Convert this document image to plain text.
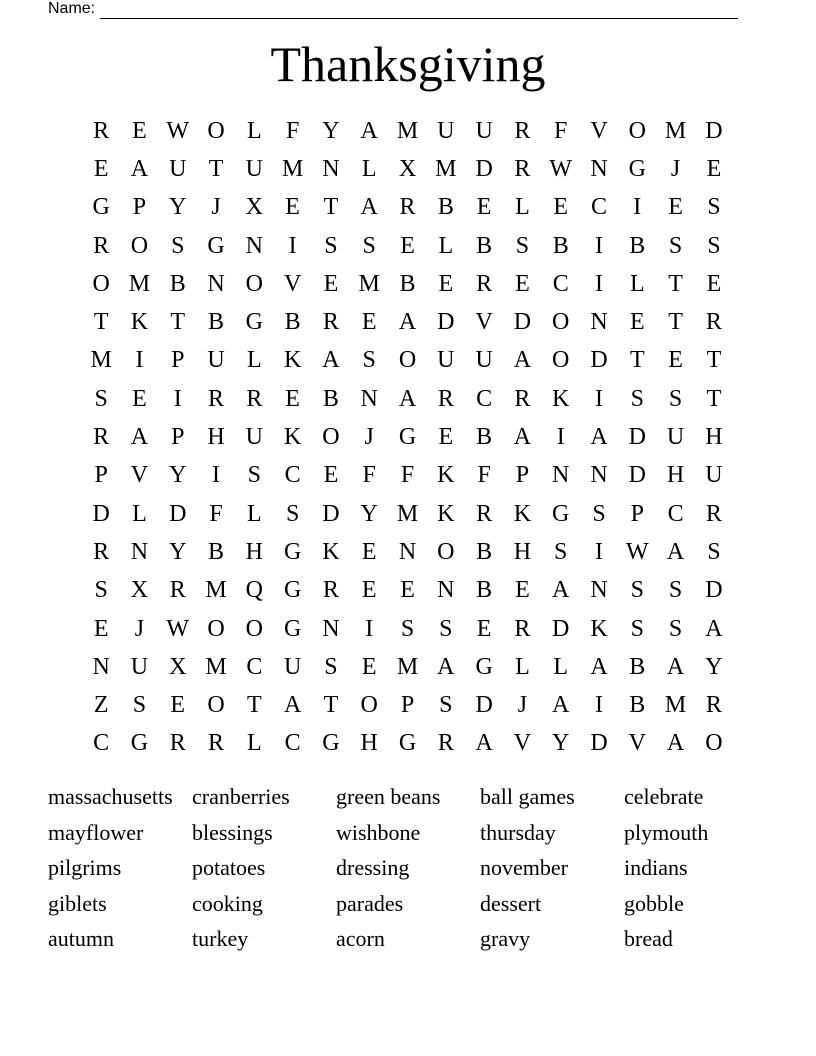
Name:
Thanksgiving
R E W O L	F Y A M U U R F V O M D
E A U T U M N L X M D R W N G	J	E
G P Y	J	X E T A R B E L E C	I	E	S
R O S G N	I	S	S	E L B S B	I	B S	S
O M B N O V E M B E R E C	I	L T E
T K T B G B R E A D V D O N E T R
M I	P U L K A S O U U A O D T E T
S	E	I	R R E B N A R C R K	I	S	S	T
R A P H U K O	J	G E B A	I	A D U H
P V Y	I	S C E	F	F K F	P N N D H U
D L D F	L	S D Y M K R K G S	P C R
R N Y B H G K E N O B H S	I W A S
S X R M Q G R E E N B E A N S	S D
E	J W O O G N	I	S	S	E R D K S	S A
N U X M C U S	E M A G L L A B A Y
Z	S	E O T A T O P	S D	J	A	I	B M R
C G R R L C G H G R A V Y D V A O
massachusetts cranberries	green beans	ball games	celebrate
mayflower	blessings	wishbone	thursday	plymouth
pilgrims	potatoes	dressing	november	indians
giblets	cooking	parades	dessert	gobble
autumn	turkey	acorn	gravy	bread
